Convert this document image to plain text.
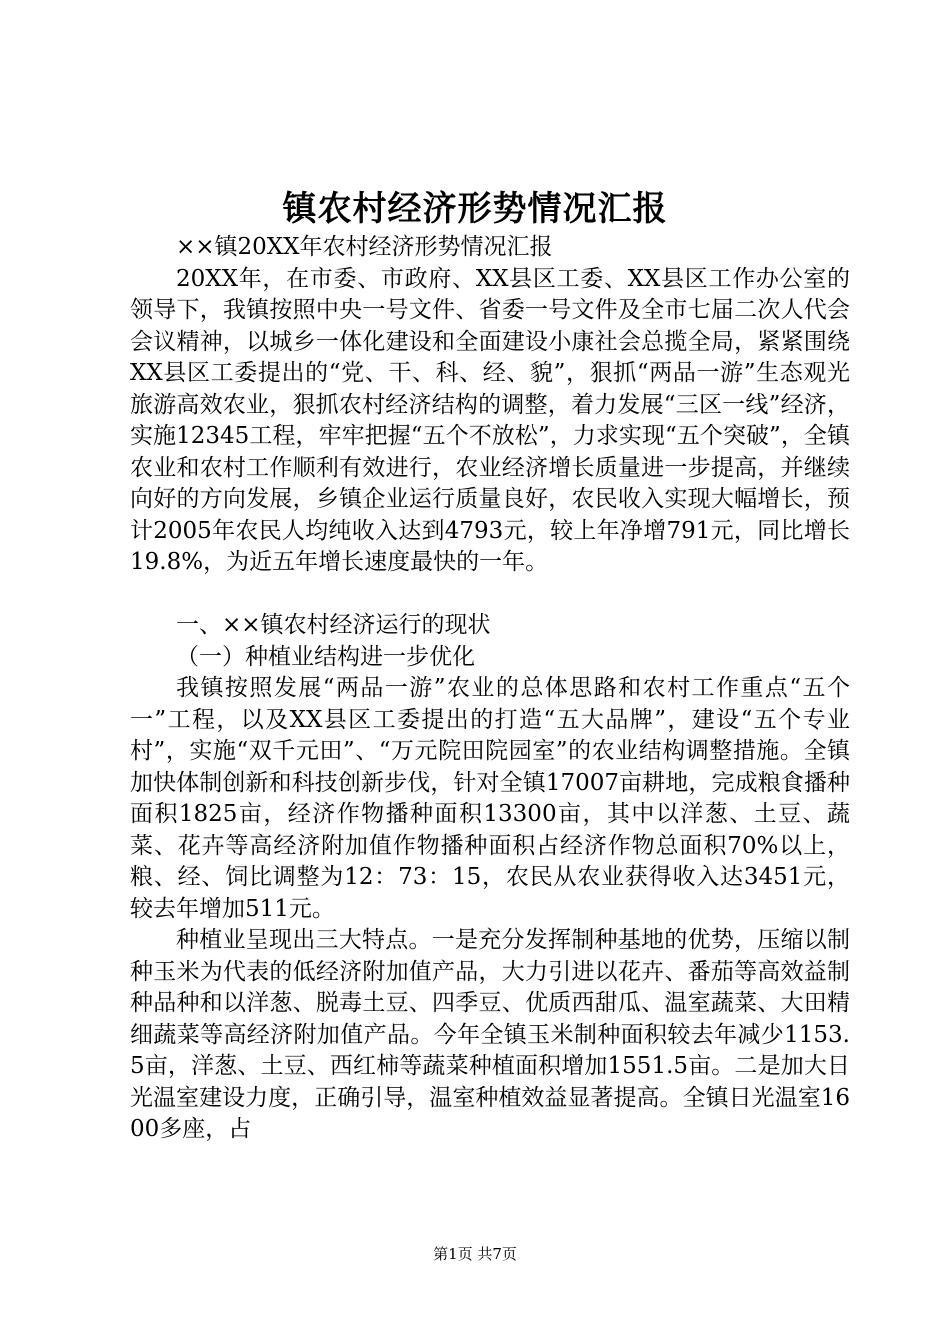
镇农村经济形势情况汇报

××镇20XX年农村经济形势情况汇报

20XX年，在市委、市政府、XX县区工委、XX县区工作办公室的领导下，我镇按照中央一号文件、省委一号文件及全市七届二次人代会会议精神，以城乡一体化建设和全面建设小康社会总揽全局，紧紧围绕XX县区工委提出的“党、干、科、经、貌”，狠抓“两品一游”生态观光旅游高效农业，狠抓农村经济结构的调整，着力发展“三区一线”经济，实施12345工程，牢牢把握“五个不放松”，力求实现“五个突破”，全镇农业和农村工作顺利有效进行，农业经济增长质量进一步提高，并继续向好的方向发展，乡镇企业运行质量良好，农民收入实现大幅增长，预计2005年农民人均纯收入达到4793元，较上年净增791元，同比增长19.8%，为近五年增长速度最快的一年。

一、××镇农村经济运行的现状

（一）种植业结构进一步优化

我镇按照发展“两品一游”农业的总体思路和农村工作重点“五个一”工程，以及XX县区工委提出的打造“五大品牌”，建设“五个专业村”，实施“双千元田”、“万元院田院园室”的农业结构调整措施。全镇加快体制创新和科技创新步伐，针对全镇17007亩耕地，完成粮食播种面积1825亩，经济作物播种面积13300亩，其中以洋葱、土豆、蔬菜、花卉等高经济附加值作物播种面积占经济作物总面积70%以上，粮、经、饲比调整为12：73：15，农民从农业获得收入达3451元，较去年增加511元。

种植业呈现出三大特点。一是充分发挥制种基地的优势，压缩以制种玉米为代表的低经济附加值产品，大力引进以花卉、番茄等高效益制种品种和以洋葱、脱毒土豆、四季豆、优质西甜瓜、温室蔬菜、大田精细蔬菜等高经济附加值产品。今年全镇玉米制种面积较去年减少1153.5亩，洋葱、土豆、西红柿等蔬菜种植面积增加1551.5亩。二是加大日光温室建设力度，正确引导，温室种植效益显著提高。全镇日光温室1600多座，占

第1页 共7页
